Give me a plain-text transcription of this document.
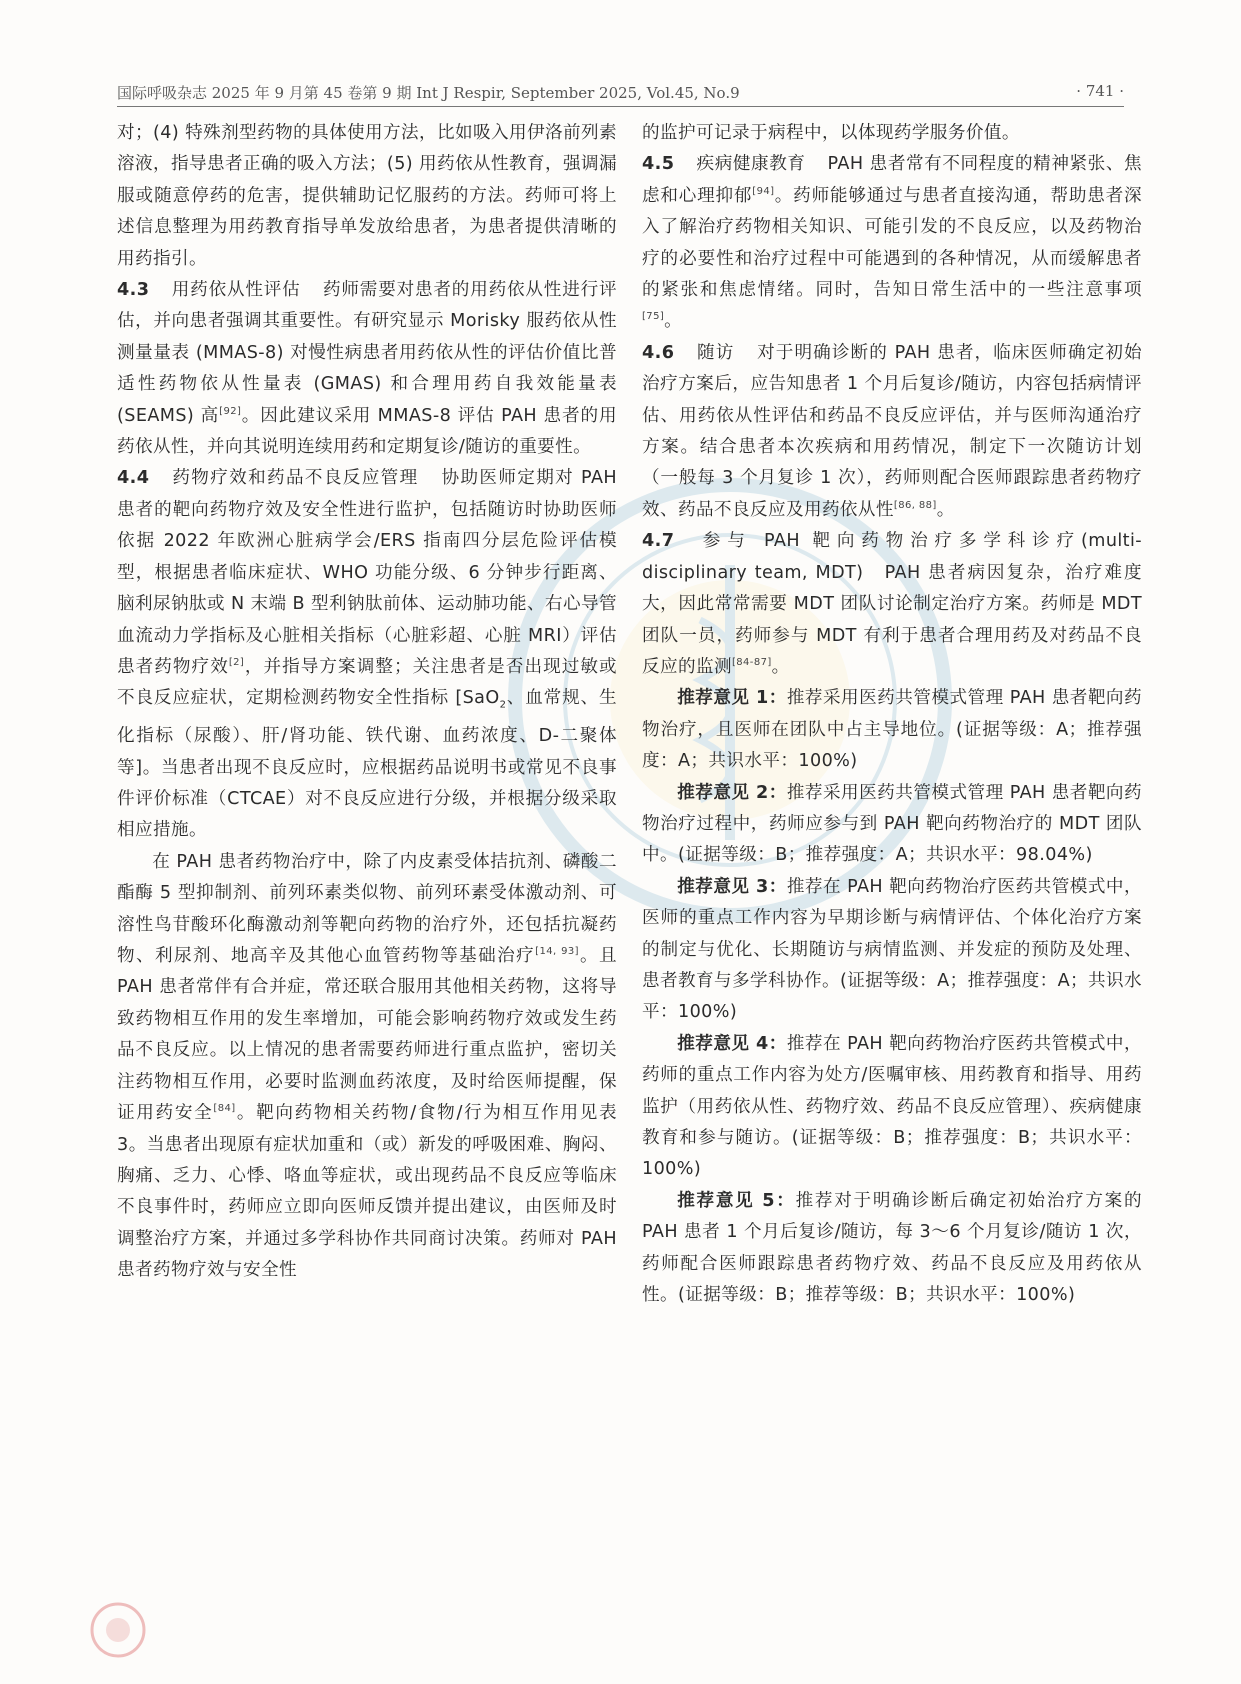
国际呼吸杂志 2025 年 9 月第 45 卷第 9 期 Int J Respir, September 2025, Vol.45, No.9	· 741 ·

对；(4) 特殊剂型药物的具体使用方法，比如吸入用伊洛前列素溶液，指导患者正确的吸入方法；(5) 用药依从性教育，强调漏服或随意停药的危害，提供辅助记忆服药的方法。药师可将上述信息整理为用药教育指导单发放给患者，为患者提供清晰的用药指引。

4.3 用药依从性评估 药师需要对患者的用药依从性进行评估，并向患者强调其重要性。有研究显示 Morisky 服药依从性测量量表 (MMAS-8) 对慢性病患者用药依从性的评估价值比普适性药物依从性量表 (GMAS) 和合理用药自我效能量表 (SEAMS) 高[92]。因此建议采用 MMAS-8 评估 PAH 患者的用药依从性，并向其说明连续用药和定期复诊/随访的重要性。

4.4 药物疗效和药品不良反应管理 协助医师定期对 PAH 患者的靶向药物疗效及安全性进行监护，包括随访时协助医师依据 2022 年欧洲心脏病学会/ERS 指南四分层危险评估模型，根据患者临床症状、WHO 功能分级、6 分钟步行距离、脑利尿钠肽或 N 末端 B 型利钠肽前体、运动肺功能、右心导管血流动力学指标及心脏相关指标（心脏彩超、心脏 MRI）评估患者药物疗效[2]，并指导方案调整；关注患者是否出现过敏或不良反应症状，定期检测药物安全性指标 [SaO$_2$、血常规、生化指标（尿酸）、肝/肾功能、铁代谢、血药浓度、D-二聚体等]。当患者出现不良反应时，应根据药品说明书或常见不良事件评价标准（CTCAE）对不良反应进行分级，并根据分级采取相应措施。

在 PAH 患者药物治疗中，除了内皮素受体拮抗剂、磷酸二酯酶 5 型抑制剂、前列环素类似物、前列环素受体激动剂、可溶性鸟苷酸环化酶激动剂等靶向药物的治疗外，还包括抗凝药物、利尿剂、地高辛及其他心血管药物等基础治疗[14, 93]。且 PAH 患者常伴有合并症，常还联合服用其他相关药物，这将导致药物相互作用的发生率增加，可能会影响药物疗效或发生药品不良反应。以上情况的患者需要药师进行重点监护，密切关注药物相互作用，必要时监测血药浓度，及时给医师提醒，保证用药安全[84]。靶向药物相关药物/食物/行为相互作用见表 3。当患者出现原有症状加重和（或）新发的呼吸困难、胸闷、胸痛、乏力、心悸、咯血等症状，或出现药品不良反应等临床不良事件时，药师应立即向医师反馈并提出建议，由医师及时调整治疗方案，并通过多学科协作共同商讨决策。药师对 PAH 患者药物疗效与安全性

的监护可记录于病程中，以体现药学服务价值。

4.5 疾病健康教育 PAH 患者常有不同程度的精神紧张、焦虑和心理抑郁[94]。药师能够通过与患者直接沟通，帮助患者深入了解治疗药物相关知识、可能引发的不良反应，以及药物治疗的必要性和治疗过程中可能遇到的各种情况，从而缓解患者的紧张和焦虑情绪。同时，告知日常生活中的一些注意事项[75]。

4.6 随访 对于明确诊断的 PAH 患者，临床医师确定初始治疗方案后，应告知患者 1 个月后复诊/随访，内容包括病情评估、用药依从性评估和药品不良反应评估，并与医师沟通治疗方案。结合患者本次疾病和用药情况，制定下一次随访计划（一般每 3 个月复诊 1 次），药师则配合医师跟踪患者药物疗效、药品不良反应及用药依从性[86, 88]。

4.7 参与 PAH 靶向药物治疗多学科诊疗(multi-disciplinary team, MDT)　PAH 患者病因复杂，治疗难度大，因此常常需要 MDT 团队讨论制定治疗方案。药师是 MDT 团队一员，药师参与 MDT 有利于患者合理用药及对药品不良反应的监测[84-87]。

推荐意见 1：推荐采用医药共管模式管理 PAH 患者靶向药物治疗，且医师在团队中占主导地位。(证据等级：A；推荐强度：A；共识水平：100%)

推荐意见 2：推荐采用医药共管模式管理 PAH 患者靶向药物治疗过程中，药师应参与到 PAH 靶向药物治疗的 MDT 团队中。(证据等级：B；推荐强度：A；共识水平：98.04%)

推荐意见 3：推荐在 PAH 靶向药物治疗医药共管模式中，医师的重点工作内容为早期诊断与病情评估、个体化治疗方案的制定与优化、长期随访与病情监测、并发症的预防及处理、患者教育与多学科协作。(证据等级：A；推荐强度：A；共识水平：100%)

推荐意见 4：推荐在 PAH 靶向药物治疗医药共管模式中，药师的重点工作内容为处方/医嘱审核、用药教育和指导、用药监护（用药依从性、药物疗效、药品不良反应管理）、疾病健康教育和参与随访。(证据等级：B；推荐强度：B；共识水平：100%)

推荐意见 5：推荐对于明确诊断后确定初始治疗方案的 PAH 患者 1 个月后复诊/随访，每 3～6 个月复诊/随访 1 次，药师配合医师跟踪患者药物疗效、药品不良反应及用药依从性。(证据等级：B；推荐等级：B；共识水平：100%)
